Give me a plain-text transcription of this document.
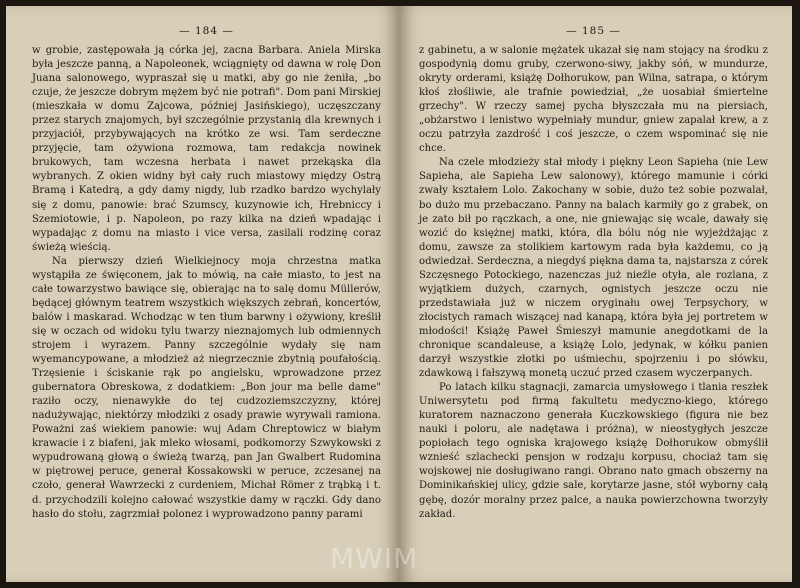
— 184 —

w grobie, zastępowała ją córka jej, zacna Barbara. Aniela Mirska była jeszcze panną, a Napoleonek, wciągnięty od dawna w rolę Don Juana salonowego, wypraszał się u matki, aby go nie żeniła, „bo czuje, że jeszcze dobrym mężem być nie potrafi". Dom pani Mirskiej (mieszkała w domu Zajcowa, później Jasińskiego), uczęszczany przez starych znajomych, był szczególnie przystanią dla krewnych i przyjaciół, przybywających na krótko ze wsi. Tam serdeczne przyjęcie, tam ożywiona rozmowa, tam redakcja nowinek brukowych, tam wczesna herbata i nawet przekąska dla wybranych. Z okien widny był cały ruch miastowy między Ostrą Bramą i Katedrą, a gdy damy nigdy, lub rzadko bardzo wychylały się z domu, panowie: brać Szumscy, kuzynowie ich, Hrebniccy i Szemiotowie, i p. Napoleon, po razy kilka na dzień wpadając i wypadając z domu na miasto i vice versa, zasilali rodzinę coraz świeżą wieścią.

Na pierwszy dzień Wielkiejnocy moja chrzestna matka wystąpiła ze święconem, jak to mówią, na całe miasto, to jest na całe towarzystwo bawiące się, obierając na to salę domu Müllerów, będącej głównym teatrem wszystkich większych zebrań, koncertów, balów i maskarad. Wchodząc w ten tłum barwny i ożywiony, kreślił się w oczach od widoku tylu twarzy nieznajomych lub odmiennych strojem i wyrazem. Panny szczególnie wydały się nam wyemancypowane, a młodzież aż niegrzecznie zbytnią poufałością. Trzęsienie i ściskanie rąk po angielsku, wprowadzone przez gubernatora Obreskowa, z dodatkiem: „Bon jour ma belle dame" raziło oczy, nienawykłe do tej cudzoziemszczyzny, której nadużywając, niektórzy młodziki z osady prawie wyrywali ramiona. Poważni zaś wiekiem panowie: wuj Adam Chreptowicz w białym krawacie i z biafeni, jak mleko włosami, podkomorzy Szwykowski z wypudrowaną głową o świeżą twarzą, pan Jan Gwalbert Rudomina w piętrowej peruce, generał Kossakowski w peruce, zczesanej na czoło, generał Wawrzecki z curdeniem, Michał Römer z trąbką i t. d. przychodzili kolejno całować wszystkie damy w rączki. Gdy dano hasło do stołu, zagrzmiał polonez i wyprowadzono panny parami

— 185 —

z gabinetu, a w salonie mężatek ukazał się nam stojący na środku z gospodynią domu gruby, czerwono-siwy, jakby sóń, w mundurze, okryty orderami, książę Dołhorukow, pan Wilna, satrapa, o którym kłoś złośliwie, ale trafnie powiedział, „że uosabiał śmiertelne grzechy". W rzeczy samej pycha błyszczała mu na piersiach, „obżarstwo i lenistwo wypełniały mundur, gniew zapalał krew, a z oczu patrzyła zazdrość i coś jeszcze, o czem wspominać się nie chce.

Na czele młodzieży stał młody i piękny Leon Sapieha (nie Lew Sapieha, ale Sapieha Lew salonowy), którego mamunie i córki zwały kształem Lolo. Zakochany w sobie, dużo też sobie pozwalał, bo dużo mu przebaczano. Panny na balach karmiły go z grabek, on je zato bił po rączkach, a one, nie gniewając się wcale, dawały się wozić do księżnej matki, która, dla bólu nóg nie wyjeżdżając z domu, zawsze za stolikiem kartowym rada była każdemu, co ją odwiedzał. Serdeczna, a niegdyś piękna dama ta, najstarsza z córek Szczęsnego Potockiego, nazenczas już nieźle otyła, ale rozlana, z wyjątkiem dużych, czarnych, ognistych jeszcze oczu nie przedstawiała już w niczem oryginału owej Terpsychory, w złocistych ramach wiszącej nad kanapą, która była jej portretem w młodości! Książę Paweł Śmieszył mamunie anegdotkami de la chronique scandaleuse, a książę Lolo, jedynak, w kółku panien darzył wszystkie złotki po uśmiechu, spojrzeniu i po słówku, zdawkową i fałszywą monetą uczuć przed czasem wyczerpanych.

Po latach kilku stagnacji, zamarcia umysłowego i tlania reszłek Uniwersytetu pod firmą fakultetu medyczno-kiego, którego kuratorem naznaczono generała Kuczkowskiego (figura nie bez nauki i poloru, ale nadętawa i próżna), w nieostygłych jeszcze popiołach tego ogniska krajowego książę Dołhorukow obmyślił wznieść szlachecki pensjon w rodzaju korpusu, chociaż tam się wojskowej nie dosługiwano rangi. Obrano nato gmach obszerny na Dominikańskiej ulicy, gdzie sale, korytarze jasne, stół wyborny całą gębę, dozór moralny przez palce, a nauka powierzchowna tworzyły zakład.

MWIM
